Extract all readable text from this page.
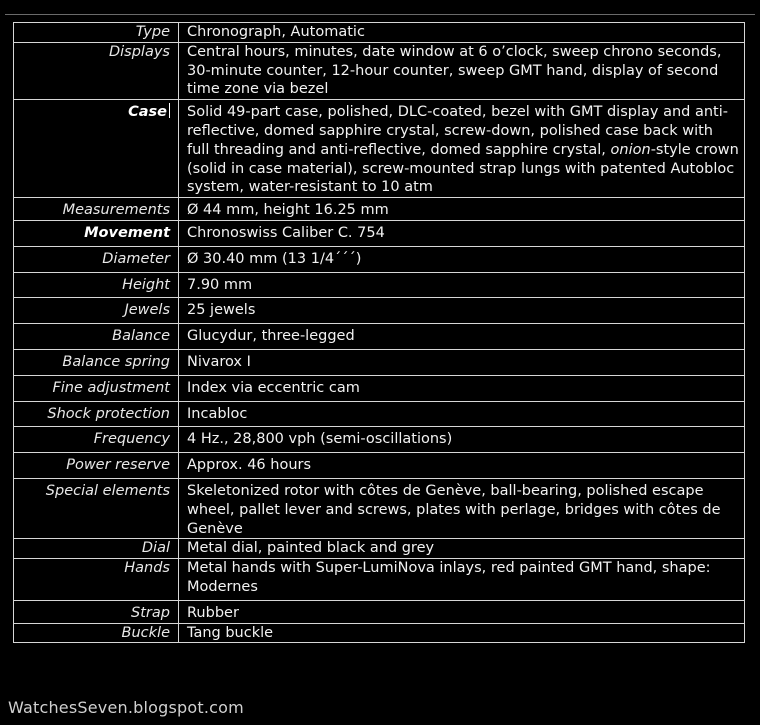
Type	Chronograph, Automatic
Displays	Central hours, minutes, date window at 6 o’clock, sweep chrono seconds, 30-minute counter, 12-hour counter, sweep GMT hand, display of second time zone via bezel
Case	Solid 49-part case, polished, DLC-coated, bezel with GMT display and anti-reflective, domed sapphire crystal, screw-down, polished case back with full threading and anti-reflective, domed sapphire crystal, onion-style crown (solid in case material), screw-mounted strap lungs with patented Autobloc system, water-resistant to 10 atm
Measurements	Ø 44 mm, height 16.25 mm
Movement	Chronoswiss Caliber C. 754
Diameter	Ø 30.40 mm (13 1/4´´´)
Height	7.90 mm
Jewels	25 jewels
Balance	Glucydur, three-legged
Balance spring	Nivarox I
Fine adjustment	Index via eccentric cam
Shock protection	Incabloc
Frequency	4 Hz., 28,800 vph (semi-oscillations)
Power reserve	Approx. 46 hours
Special elements	Skeletonized rotor with côtes de Genève, ball-bearing, polished escape wheel, pallet lever and screws, plates with perlage, bridges with côtes de Genève
Dial	Metal dial, painted black and grey
Hands	Metal hands with Super-LumiNova inlays, red painted GMT hand, shape: Modernes
Strap	Rubber
Buckle	Tang buckle
WatchesSeven.blogspot.com
